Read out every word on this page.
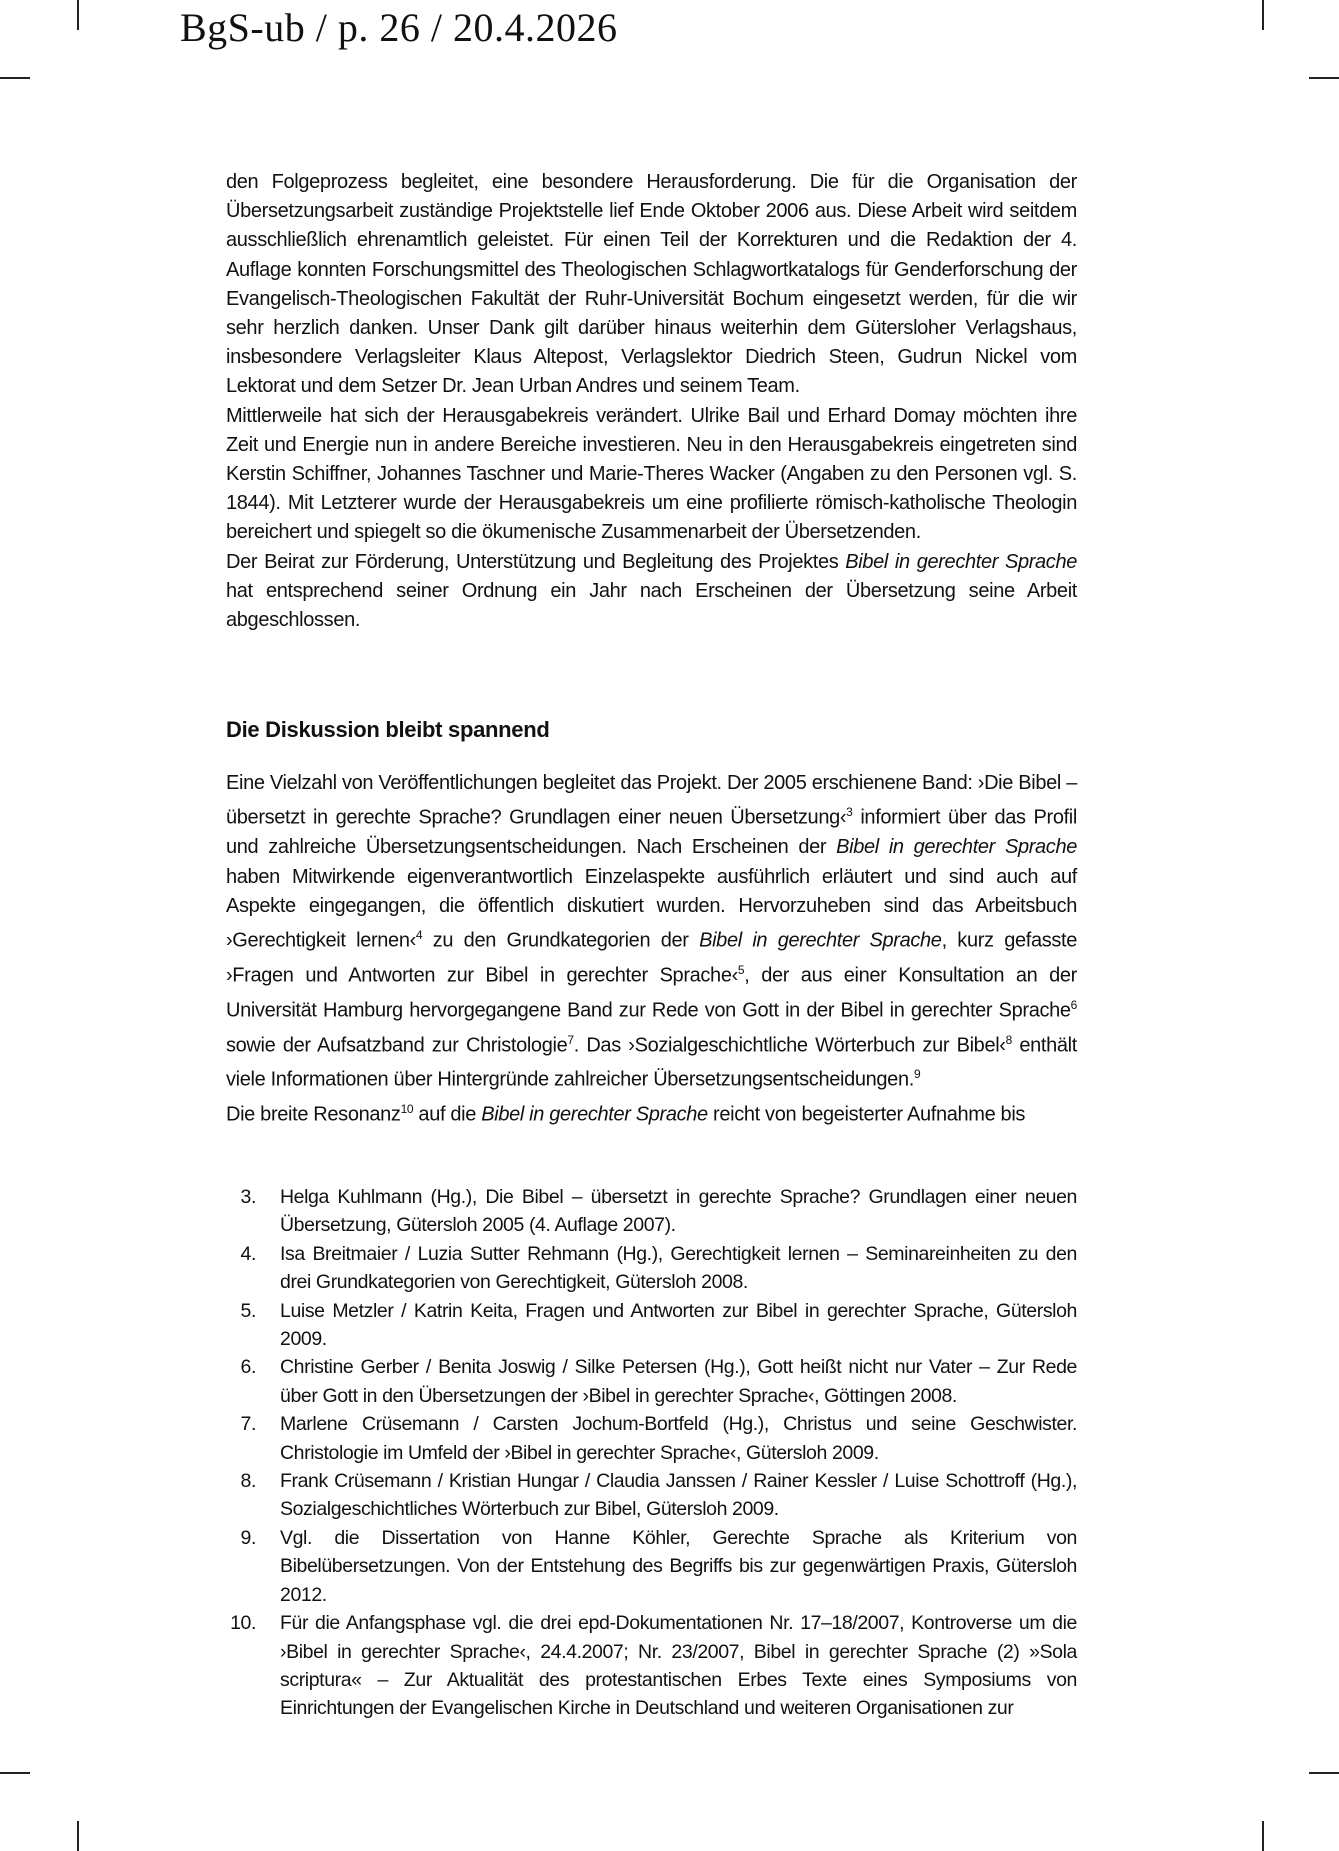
BgS-ub / p. 26 / 20.4.2026

den Folgeprozess begleitet, eine besondere Herausforderung. Die für die Organisation der Übersetzungsarbeit zuständige Projektstelle lief Ende Oktober 2006 aus. Diese Arbeit wird seitdem ausschließlich ehrenamtlich geleistet. Für einen Teil der Korrekturen und die Redaktion der 4. Auflage konnten Forschungsmittel des Theologischen Schlagwortkatalogs für Genderforschung der Evangelisch-Theologischen Fakultät der Ruhr-Universität Bochum eingesetzt werden, für die wir sehr herzlich danken. Unser Dank gilt darüber hinaus weiterhin dem Gütersloher Verlagshaus, insbesondere Verlagsleiter Klaus Altepost, Verlagslektor Diedrich Steen, Gudrun Nickel vom Lektorat und dem Setzer Dr. Jean Urban Andres und seinem Team.

Mittlerweile hat sich der Herausgabekreis verändert. Ulrike Bail und Erhard Domay möchten ihre Zeit und Energie nun in andere Bereiche investieren. Neu in den Herausgabekreis eingetreten sind Kerstin Schiffner, Johannes Taschner und Marie-Theres Wacker (Angaben zu den Personen vgl. S. 1844). Mit Letzterer wurde der Herausgabekreis um eine profilierte römisch-katholische Theologin bereichert und spiegelt so die ökumenische Zusammenarbeit der Übersetzenden.

Der Beirat zur Förderung, Unterstützung und Begleitung des Projektes Bibel in gerechter Sprache hat entsprechend seiner Ordnung ein Jahr nach Erscheinen der Übersetzung seine Arbeit abgeschlossen.

Die Diskussion bleibt spannend

Eine Vielzahl von Veröffentlichungen begleitet das Projekt. Der 2005 erschienene Band: ›Die Bibel – übersetzt in gerechte Sprache? Grundlagen einer neuen Übersetzung‹$^3$ informiert über das Profil und zahlreiche Übersetzungsentscheidungen. Nach Erscheinen der Bibel in gerechter Sprache haben Mitwirkende eigenverantwortlich Einzelaspekte ausführlich erläutert und sind auch auf Aspekte eingegangen, die öffentlich diskutiert wurden. Hervorzuheben sind das Arbeitsbuch ›Gerechtigkeit lernen‹$^4$ zu den Grundkategorien der Bibel in gerechter Sprache, kurz gefasste ›Fragen und Antworten zur Bibel in gerechter Sprache‹$^5$, der aus einer Konsultation an der Universität Hamburg hervorgegangene Band zur Rede von Gott in der Bibel in gerechter Sprache$^6$ sowie der Aufsatzband zur Christologie$^7$. Das ›Sozialgeschichtliche Wörterbuch zur Bibel‹$^8$ enthält viele Informationen über Hintergründe zahlreicher Übersetzungsentscheidungen.$^9$

Die breite Resonanz$^{10}$ auf die Bibel in gerechter Sprache reicht von begeisterter Aufnahme bis

3. Helga Kuhlmann (Hg.), Die Bibel – übersetzt in gerechte Sprache? Grundlagen einer neuen Übersetzung, Gütersloh 2005 (4. Auflage 2007).
4. Isa Breitmaier / Luzia Sutter Rehmann (Hg.), Gerechtigkeit lernen – Seminareinheiten zu den drei Grundkategorien von Gerechtigkeit, Gütersloh 2008.
5. Luise Metzler / Katrin Keita, Fragen und Antworten zur Bibel in gerechter Sprache, Gütersloh 2009.
6. Christine Gerber / Benita Joswig / Silke Petersen (Hg.), Gott heißt nicht nur Vater – Zur Rede über Gott in den Übersetzungen der ›Bibel in gerechter Sprache‹, Göttingen 2008.
7. Marlene Crüsemann / Carsten Jochum-Bortfeld (Hg.), Christus und seine Geschwister. Christologie im Umfeld der ›Bibel in gerechter Sprache‹, Gütersloh 2009.
8. Frank Crüsemann / Kristian Hungar / Claudia Janssen / Rainer Kessler / Luise Schottroff (Hg.), Sozialgeschichtliches Wörterbuch zur Bibel, Gütersloh 2009.
9. Vgl. die Dissertation von Hanne Köhler, Gerechte Sprache als Kriterium von Bibelübersetzungen. Von der Entstehung des Begriffs bis zur gegenwärtigen Praxis, Gütersloh 2012.
10. Für die Anfangsphase vgl. die drei epd-Dokumentationen Nr. 17–18/2007, Kontroverse um die ›Bibel in gerechter Sprache‹, 24.4.2007; Nr. 23/2007, Bibel in gerechter Sprache (2) »Sola scriptura« – Zur Aktualität des protestantischen Erbes Texte eines Symposiums von Einrichtungen der Evangelischen Kirche in Deutschland und weiteren Organisationen zur
